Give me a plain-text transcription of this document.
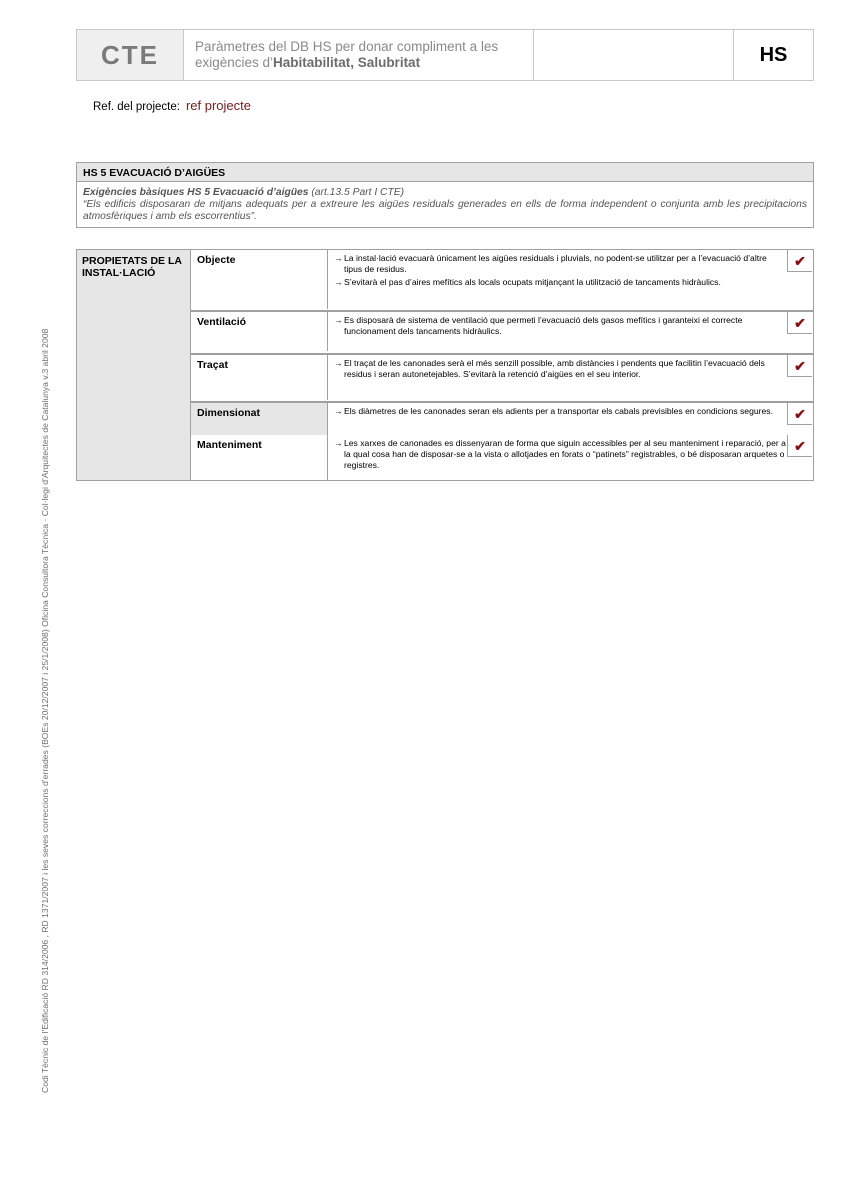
CTE	Paràmetres del DB HS per donar compliment a les
exigències d’Habitabilitat, Salubritat	HS
Ref. del projecte: ref projecte
Codi Tècnic de l’Edificació RD 314/2006 , RD 1371/2007 i les seves correccions d’errades (BOEs 20/12/2007 i 25/1/2008) Oficina Consultora Tècnica · Col·legi d’Arquitectes de Catalunya v.3 abril 2008
HS 5 EVACUACIÓ D’AIGÜES
Exigències bàsiques HS 5 Evacuació d’aigües (art.13.5 Part I CTE)
“Els edificis disposaran de mitjans adequats per a extreure les aigües residuals generades en ells de forma independent o conjunta amb les precipitacions atmosfèriques i amb els escorrentius”.
PROPIETATS DE LA INSTAL·LACIÓ
Objecte	→La instal·lació evacuarà únicament les aigües residuals i pluvials, no podent-se utilitzar per a l’evacuació d’altre tipus de residus.
→S’evitarà el pas d’aires mefítics als locals ocupats mitjançant la utilització de tancaments hidràulics.
✔
Ventilació	→Es disposarà de sistema de ventilació que permeti l’evacuació dels gasos mefítics i garanteixi el correcte funcionament dels tancaments hidràulics.	✔
Traçat	→El traçat de les canonades serà el més senzill possible, amb distàncies i pendents que facilitin l’evacuació dels residus i seran autonetejables. S’evitarà la retenció d’aigües en el seu interior.	✔
Dimensionat	→Els diàmetres de les canonades seran els adients per a transportar els cabals previsibles en condicions segures.	✔
Manteniment	→Les xarxes de canonades es dissenyaran de forma que siguin accessibles per al seu manteniment i reparació, per a la qual cosa han de disposar-se a la vista o allotjades en forats o “patinets” registrables, o bé disposaran arquetes o registres.
✔
